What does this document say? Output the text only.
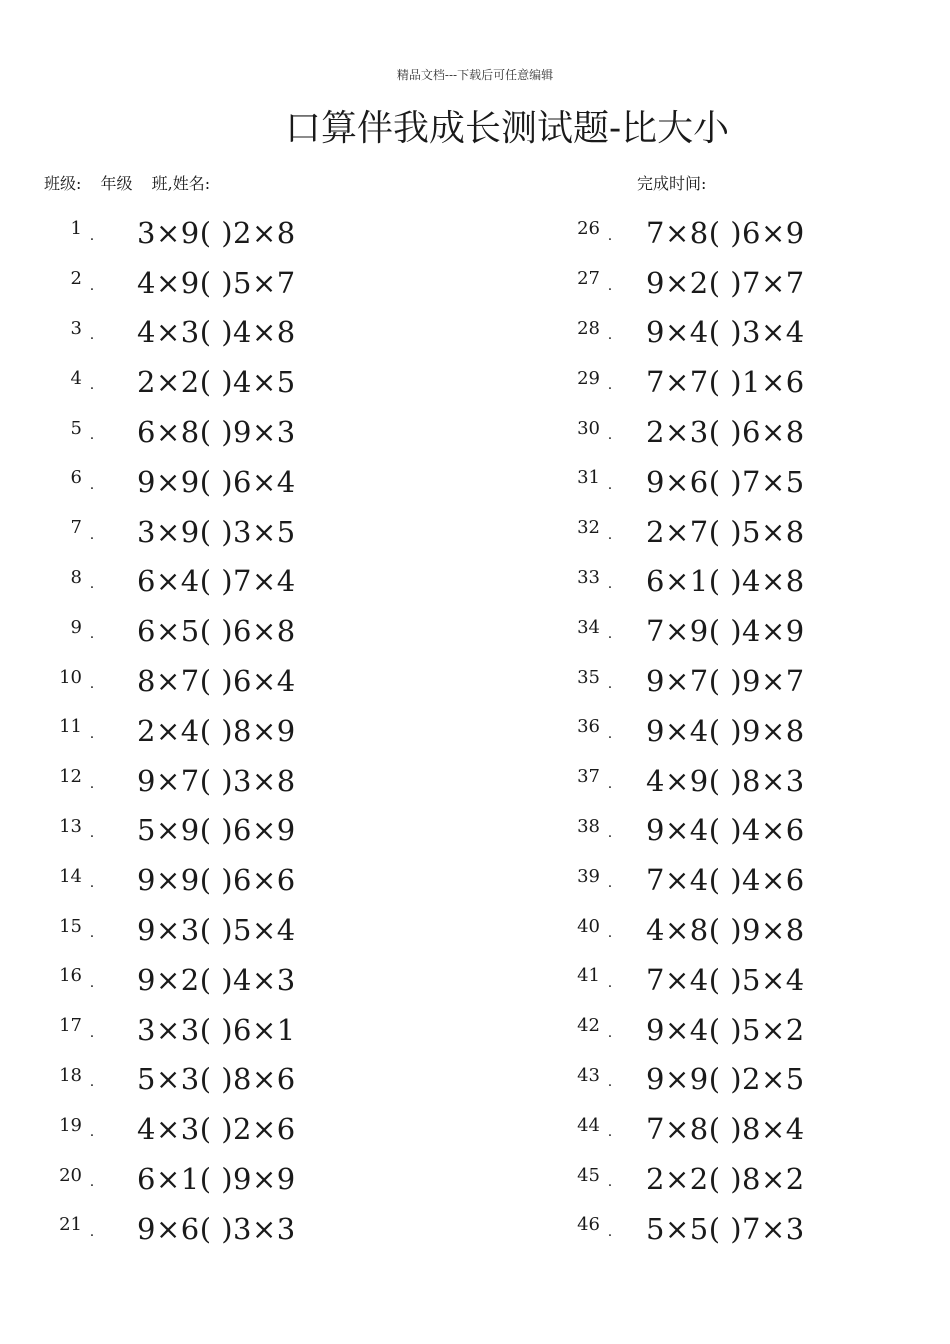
精品文档---下载后可任意编辑
口算伴我成长测试题-比大小
班级: 年级 班,姓名:	完成时间:
1 . 3×9( )2×8
2 . 4×9( )5×7
3 . 4×3( )4×8
4 . 2×2( )4×5
5 . 6×8( )9×3
6 . 9×9( )6×4
7 . 3×9( )3×5
8 . 6×4( )7×4
9 . 6×5( )6×8
10 . 8×7( )6×4
11 . 2×4( )8×9
12 . 9×7( )3×8
13 . 5×9( )6×9
14 . 9×9( )6×6
15 . 9×3( )5×4
16 . 9×2( )4×3
17 . 3×3( )6×1
18 . 5×3( )8×6
19 . 4×3( )2×6
20 . 6×1( )9×9
21 . 9×6( )3×3
26 . 7×8( )6×9
27 . 9×2( )7×7
28 . 9×4( )3×4
29 . 7×7( )1×6
30 . 2×3( )6×8
31 . 9×6( )7×5
32 . 2×7( )5×8
33 . 6×1( )4×8
34 . 7×9( )4×9
35 . 9×7( )9×7
36 . 9×4( )9×8
37 . 4×9( )8×3
38 . 9×4( )4×6
39 . 7×4( )4×6
40 . 4×8( )9×8
41 . 7×4( )5×4
42 . 9×4( )5×2
43 . 9×9( )2×5
44 . 7×8( )8×4
45 . 2×2( )8×2
46 . 5×5( )7×3
